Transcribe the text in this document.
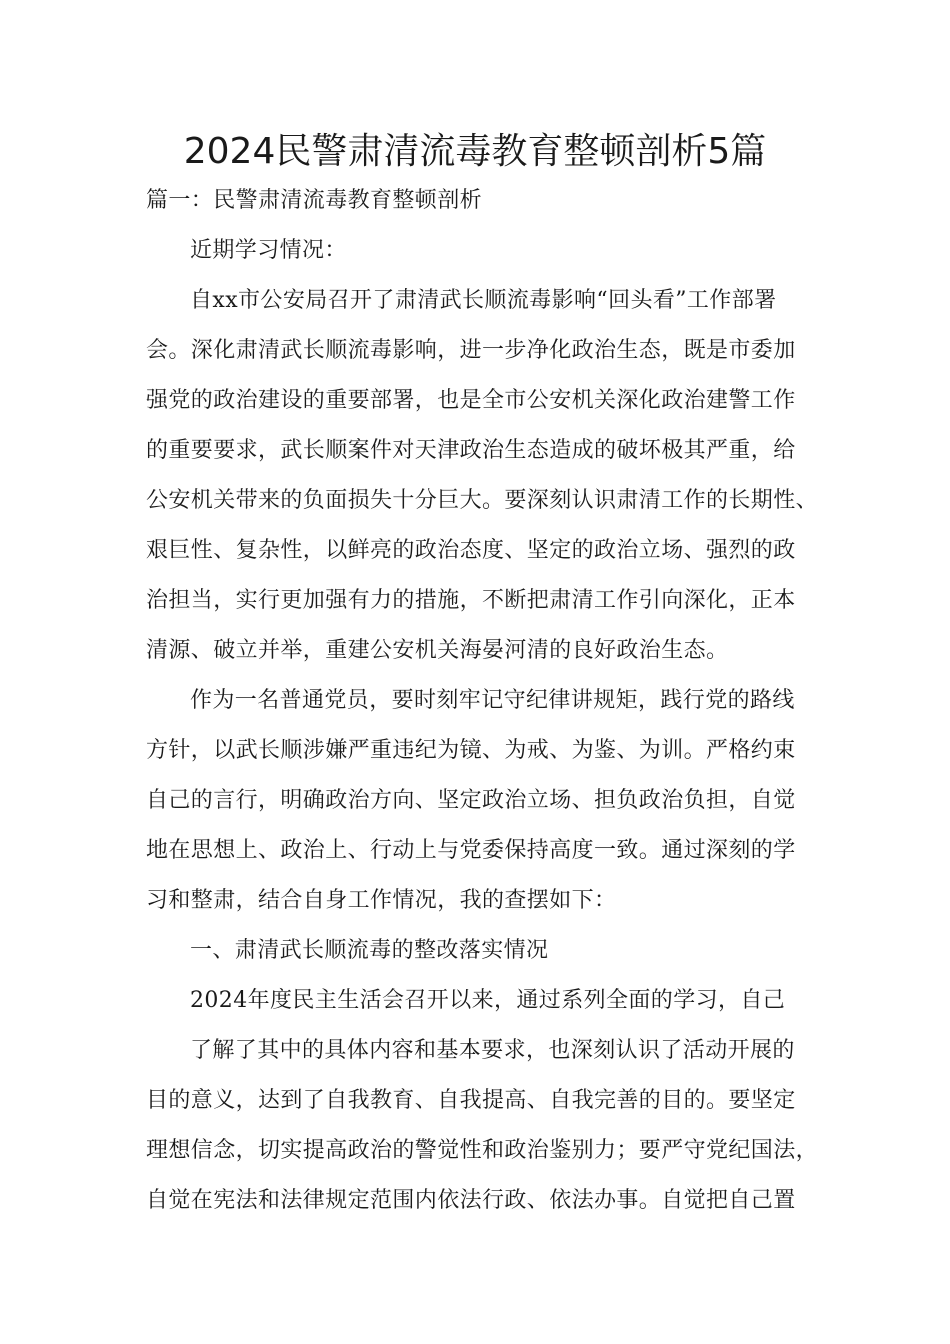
2024民警肃清流毒教育整顿剖析5篇
篇一：民警肃清流毒教育整顿剖析
近期学习情况：
自xx市公安局召开了肃清武长顺流毒影响“回头看”工作部署
会。深化肃清武长顺流毒影响，进一步净化政治生态，既是市委加
强党的政治建设的重要部署，也是全市公安机关深化政治建警工作
的重要要求，武长顺案件对天津政治生态造成的破坏极其严重，给
公安机关带来的负面损失十分巨大。要深刻认识肃清工作的长期性、
艰巨性、复杂性，以鲜亮的政治态度、坚定的政治立场、强烈的政
治担当，实行更加强有力的措施，不断把肃清工作引向深化，正本
清源、破立并举，重建公安机关海晏河清的良好政治生态。
作为一名普通党员，要时刻牢记守纪律讲规矩，践行党的路线
方针，以武长顺涉嫌严重违纪为镜、为戒、为鉴、为训。严格约束
自己的言行，明确政治方向、坚定政治立场、担负政治负担，自觉
地在思想上、政治上、行动上与党委保持高度一致。通过深刻的学
习和整肃，结合自身工作情况，我的查摆如下：
一、肃清武长顺流毒的整改落实情况
2024年度民主生活会召开以来，通过系列全面的学习，自己
了解了其中的具体内容和基本要求，也深刻认识了活动开展的
目的意义，达到了自我教育、自我提高、自我完善的目的。要坚定
理想信念，切实提高政治的警觉性和政治鉴别力；要严守党纪国法，
自觉在宪法和法律规定范围内依法行政、依法办事。自觉把自己置
